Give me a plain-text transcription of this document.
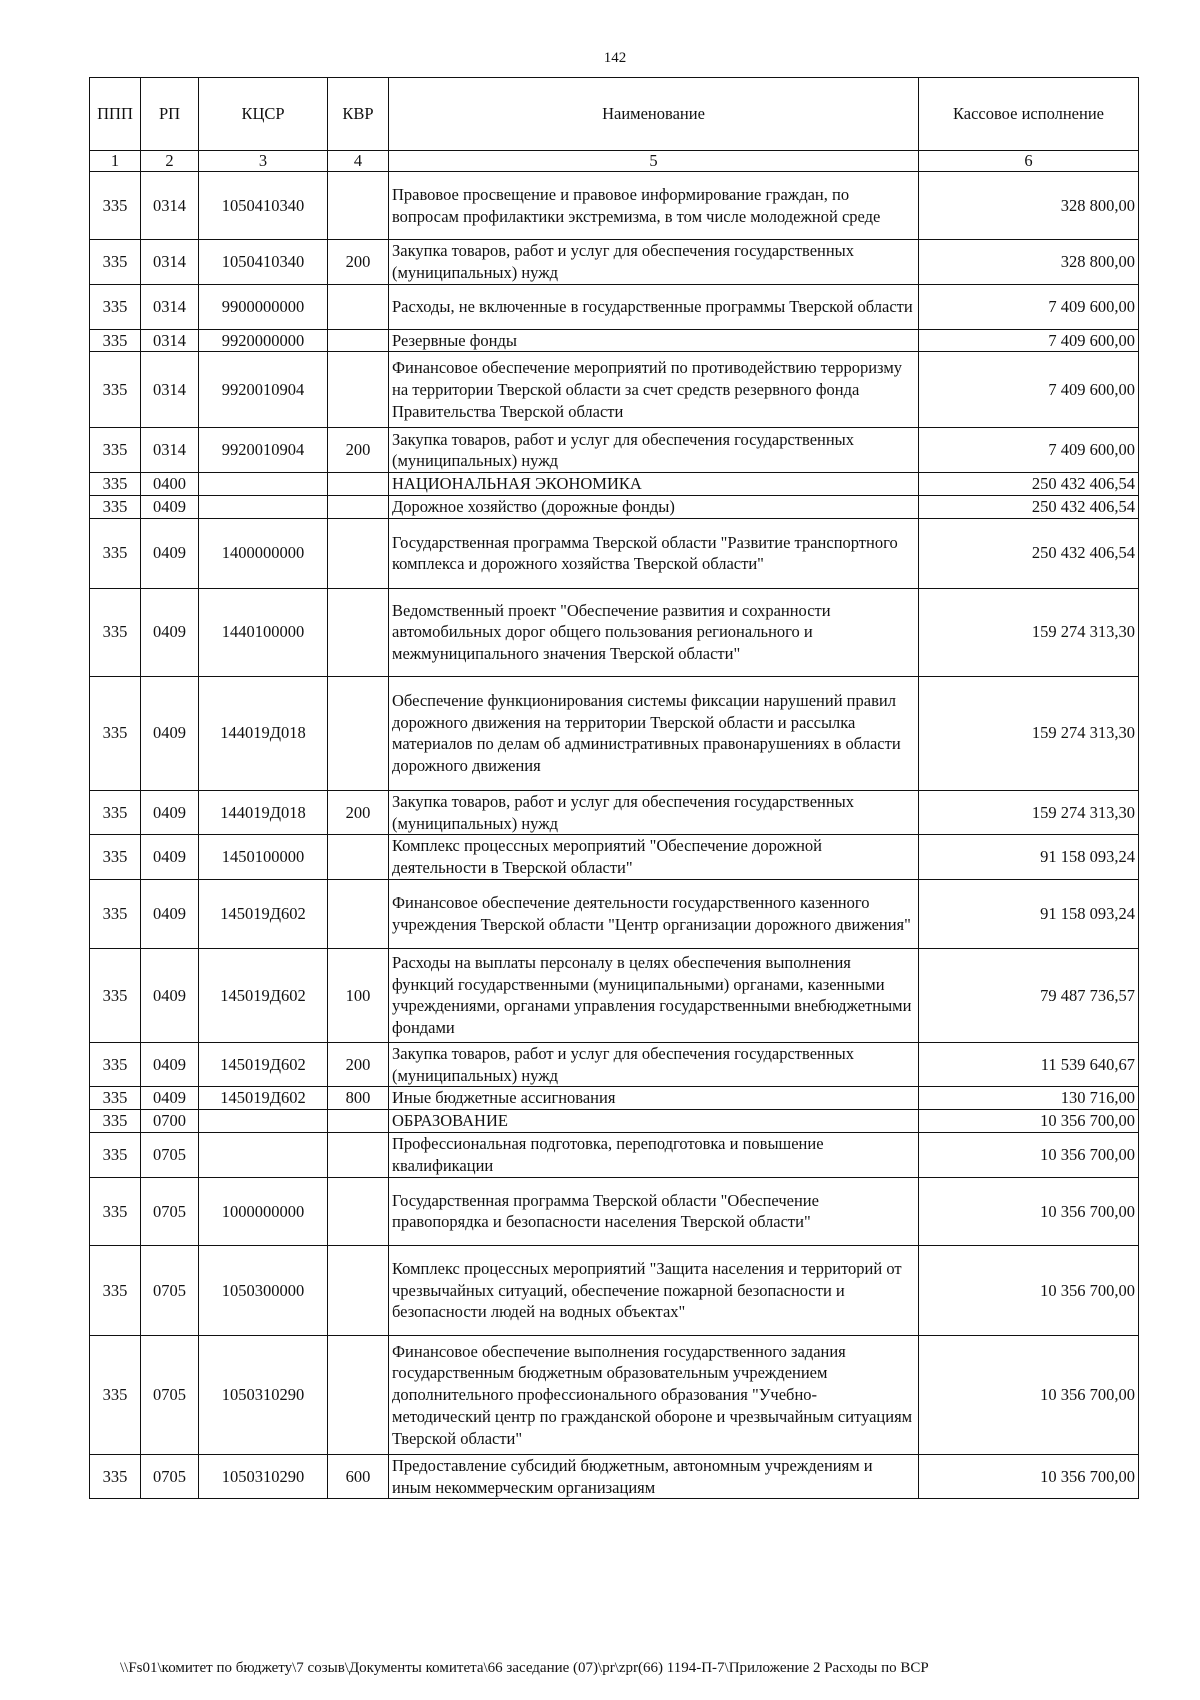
142
ППП	РП	КЦСР	КВР	Наименование	Кассовое исполнение
1	2	3	4	5	6
335	0314	1050410340		Правовое просвещение и правовое информирование граждан, по вопросам профилактики экстремизма, в том числе молодежной среде	328 800,00
335	0314	1050410340	200	Закупка товаров, работ и услуг для обеспечения государственных (муниципальных) нужд	328 800,00
335	0314	9900000000		Расходы, не включенные в государственные программы Тверской области	7 409 600,00
335	0314	9920000000		Резервные фонды	7 409 600,00
335	0314	9920010904		Финансовое обеспечение мероприятий по противодействию терроризму на территории Тверской области за счет средств резервного фонда Правительства Тверской области	7 409 600,00
335	0314	9920010904	200	Закупка товаров, работ и услуг для обеспечения государственных (муниципальных) нужд	7 409 600,00
335	0400			НАЦИОНАЛЬНАЯ ЭКОНОМИКА	250 432 406,54
335	0409			Дорожное хозяйство (дорожные фонды)	250 432 406,54
335	0409	1400000000		Государственная программа Тверской области "Развитие транспортного комплекса и дорожного хозяйства Тверской области"	250 432 406,54
335	0409	1440100000		Ведомственный проект "Обеспечение развития и сохранности автомобильных дорог общего пользования регионального и межмуниципального значения Тверской области"	159 274 313,30
335	0409	144019Д018		Обеспечение функционирования системы фиксации нарушений правил дорожного движения на территории Тверской области и рассылка материалов по делам об административных правонарушениях в области дорожного движения	159 274 313,30
335	0409	144019Д018	200	Закупка товаров, работ и услуг для обеспечения государственных (муниципальных) нужд	159 274 313,30
335	0409	1450100000		Комплекс процессных мероприятий "Обеспечение дорожной деятельности в Тверской области"	91 158 093,24
335	0409	145019Д602		Финансовое обеспечение деятельности государственного казенного учреждения Тверской области "Центр организации дорожного движения"	91 158 093,24
335	0409	145019Д602	100	Расходы на выплаты персоналу в целях обеспечения выполнения функций государственными (муниципальными) органами, казенными учреждениями, органами управления государственными внебюджетными фондами	79 487 736,57
335	0409	145019Д602	200	Закупка товаров, работ и услуг для обеспечения государственных (муниципальных) нужд	11 539 640,67
335	0409	145019Д602	800	Иные бюджетные ассигнования	130 716,00
335	0700			ОБРАЗОВАНИЕ	10 356 700,00
335	0705			Профессиональная подготовка, переподготовка и повышение квалификации	10 356 700,00
335	0705	1000000000		Государственная программа Тверской области "Обеспечение правопорядка и безопасности населения Тверской области"	10 356 700,00
335	0705	1050300000		Комплекс процессных мероприятий "Защита населения и территорий от чрезвычайных ситуаций, обеспечение пожарной безопасности и безопасности людей на водных объектах"	10 356 700,00
335	0705	1050310290		Финансовое обеспечение выполнения государственного задания государственным бюджетным образовательным учреждением дополнительного профессионального образования "Учебно-методический центр по гражданской обороне и чрезвычайным ситуациям Тверской области"	10 356 700,00
335	0705	1050310290	600	Предоставление субсидий бюджетным, автономным учреждениям и иным некоммерческим организациям	10 356 700,00
\\Fs01\комитет по бюджету\7 созыв\Документы комитета\66 заседание (07)\pr\zpr(66) 1194-П-7\Приложение 2 Расходы по ВСР
